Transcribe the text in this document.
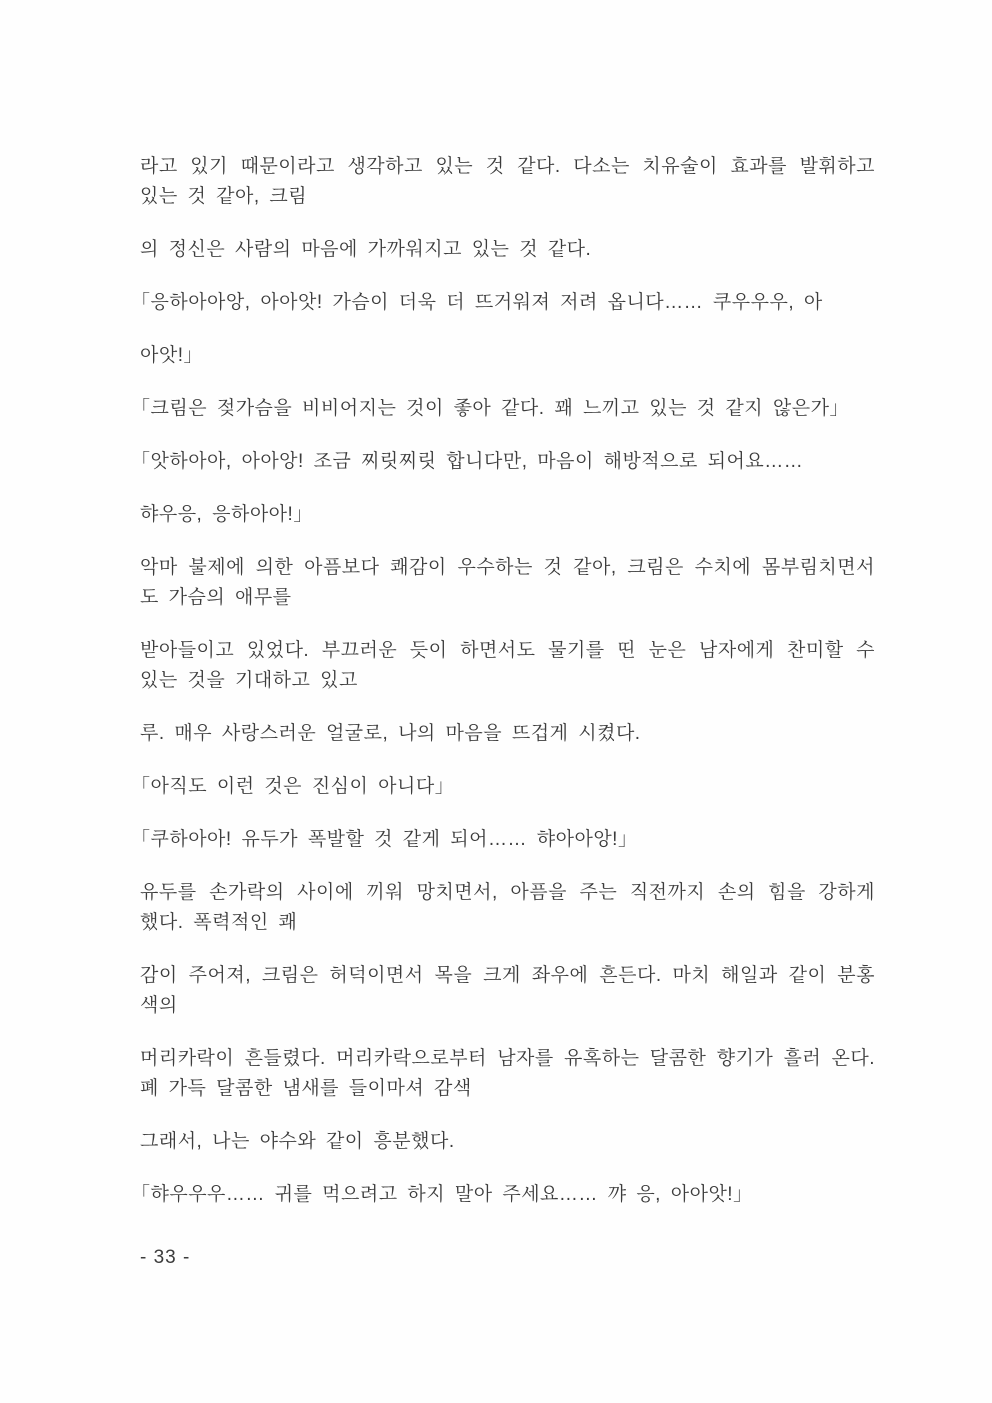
라고 있기 때문이라고 생각하고 있는 것 같다. 다소는 치유술이 효과를 발휘하고 있는 것 같아, 크림

의 정신은 사람의 마음에 가까워지고 있는 것 같다.

「응하아아앙, 아아앗! 가슴이 더욱 더 뜨거워져 저려 옵니다…… 쿠우우우, 아

아앗!」

「크림은 젖가슴을 비비어지는 것이 좋아 같다. 꽤 느끼고 있는 것 같지 않은가」

「앗하아아, 아아앙! 조금 찌릿찌릿 합니다만, 마음이 해방적으로 되어요……

햐우응, 응하아아!」

악마 불제에 의한 아픔보다 쾌감이 우수하는 것 같아, 크림은 수치에 몸부림치면서도 가슴의 애무를

받아들이고 있었다. 부끄러운 듯이 하면서도 물기를 띤 눈은 남자에게 찬미할 수 있는 것을 기대하고 있고

루. 매우 사랑스러운 얼굴로, 나의 마음을 뜨겁게 시켰다.

「아직도 이런 것은 진심이 아니다」

「쿠하아아! 유두가 폭발할 것 같게 되어…… 햐아아앙!」

유두를 손가락의 사이에 끼워 망치면서, 아픔을 주는 직전까지 손의 힘을 강하게 했다. 폭력적인 쾌

감이 주어져, 크림은 허덕이면서 목을 크게 좌우에 흔든다. 마치 해일과 같이 분홍색의

머리카락이 흔들렸다. 머리카락으로부터 남자를 유혹하는 달콤한 향기가 흘러 온다. 폐 가득 달콤한 냄새를 들이마셔 감색

그래서, 나는 야수와 같이 흥분했다.

「햐우우우…… 귀를 먹으려고 하지 말아 주세요…… 꺄 응, 아아앗!」

- 33 -
